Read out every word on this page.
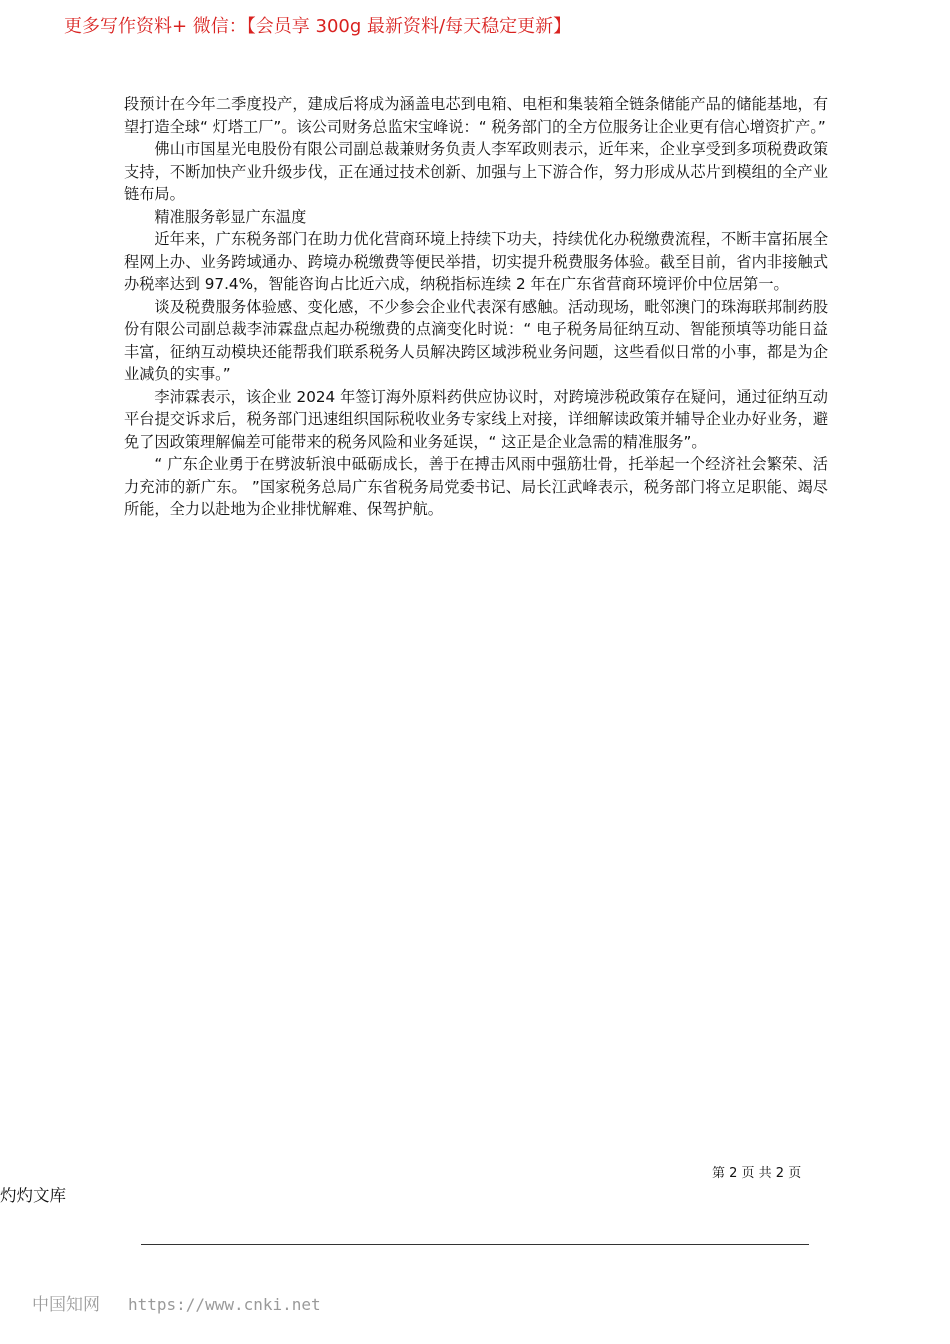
更多写作资料+ 微信：【会员享 300g 最新资料/每天稳定更新】

段预计在今年二季度投产，建成后将成为涵盖电芯到电箱、电柜和集装箱全链条储能产品的储能基地，有望打造全球“ 灯塔工厂”。该公司财务总监宋宝峰说：“ 税务部门的全方位服务让企业更有信心增资扩产。”

佛山市国星光电股份有限公司副总裁兼财务负责人李军政则表示，近年来，企业享受到多项税费政策支持，不断加快产业升级步伐，正在通过技术创新、加强与上下游合作，努力形成从芯片到模组的全产业链布局。

精准服务彰显广东温度

近年来，广东税务部门在助力优化营商环境上持续下功夫，持续优化办税缴费流程，不断丰富拓展全程网上办、业务跨域通办、跨境办税缴费等便民举措，切实提升税费服务体验。截至目前，省内非接触式办税率达到 97.4%，智能咨询占比近六成，纳税指标连续 2 年在广东省营商环境评价中位居第一。

谈及税费服务体验感、变化感，不少参会企业代表深有感触。活动现场，毗邻澳门的珠海联邦制药股份有限公司副总裁李沛霖盘点起办税缴费的点滴变化时说：“ 电子税务局征纳互动、智能预填等功能日益丰富，征纳互动模块还能帮我们联系税务人员解决跨区域涉税业务问题，这些看似日常的小事，都是为企业减负的实事。”

李沛霖表示，该企业 2024 年签订海外原料药供应协议时，对跨境涉税政策存在疑问，通过征纳互动平台提交诉求后，税务部门迅速组织国际税收业务专家线上对接，详细解读政策并辅导企业办好业务，避免了因政策理解偏差可能带来的税务风险和业务延误，“ 这正是企业急需的精准服务”。

“ 广东企业勇于在劈波斩浪中砥砺成长，善于在搏击风雨中强筋壮骨，托举起一个经济社会繁荣、活力充沛的新广东。 ”国家税务总局广东省税务局党委书记、局长江武峰表示，税务部门将立足职能、竭尽所能，全力以赴地为企业排忧解难、保驾护航。

第 2 页 共 2 页
灼灼文库
中国知网 https://www.cnki.net
